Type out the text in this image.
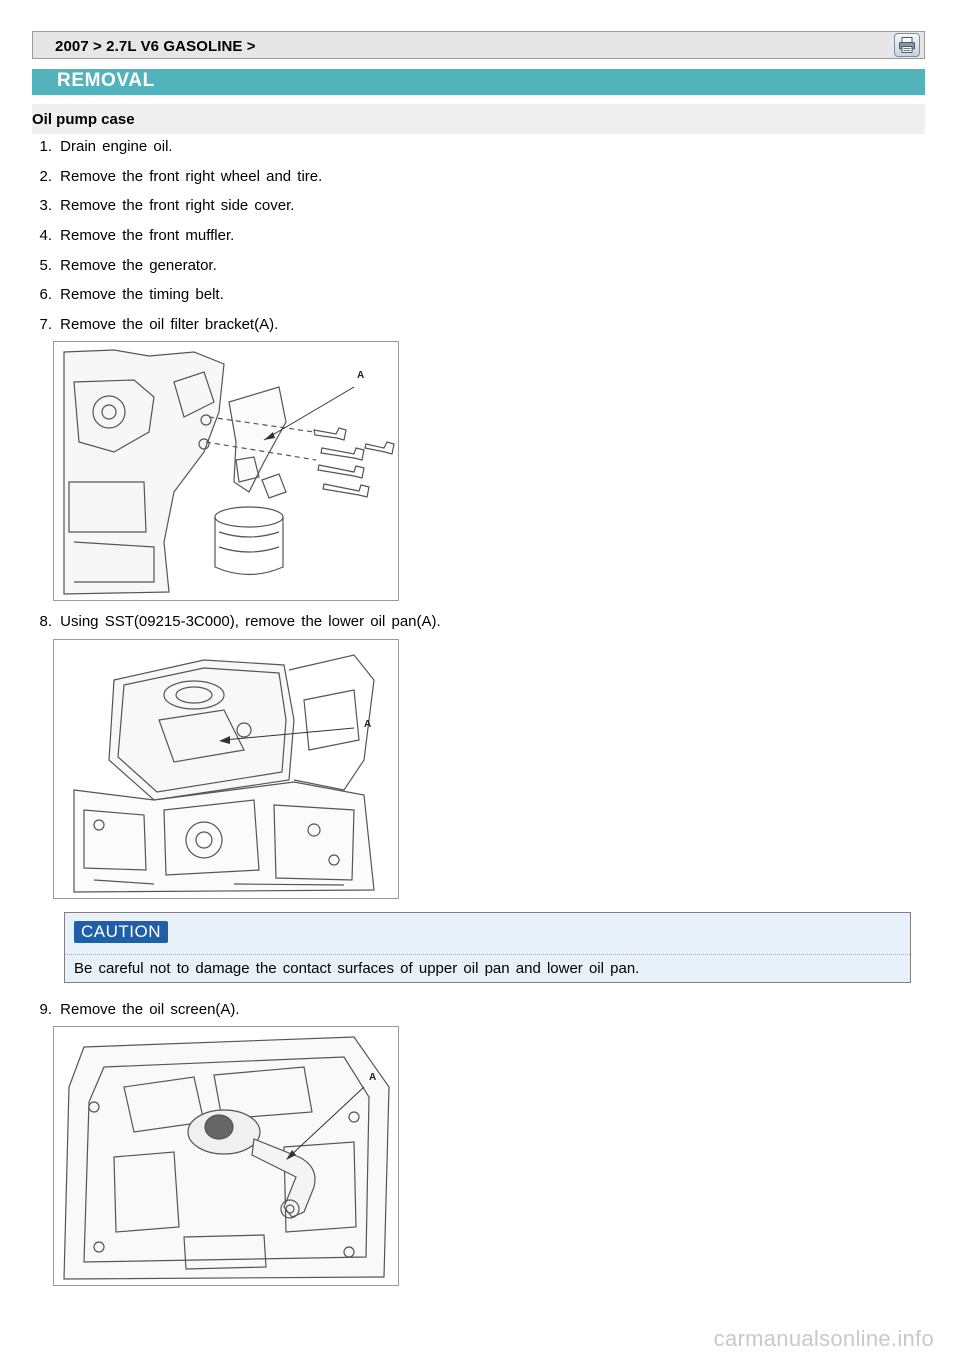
2007 > 2.7L V6 GASOLINE >
REMOVAL
Oil pump case
1. Drain engine oil.
2. Remove the front right wheel and tire.
3. Remove the front right side cover.
4. Remove the front muffler.
5. Remove the generator.
6. Remove the timing belt.
7. Remove the oil filter bracket(A).
A
8. Using SST(09215-3C000), remove the lower oil pan(A).
A
CAUTION
Be careful not to damage the contact surfaces of upper oil pan and lower oil pan.
9. Remove the oil screen(A).
A
carmanualsonline.info
